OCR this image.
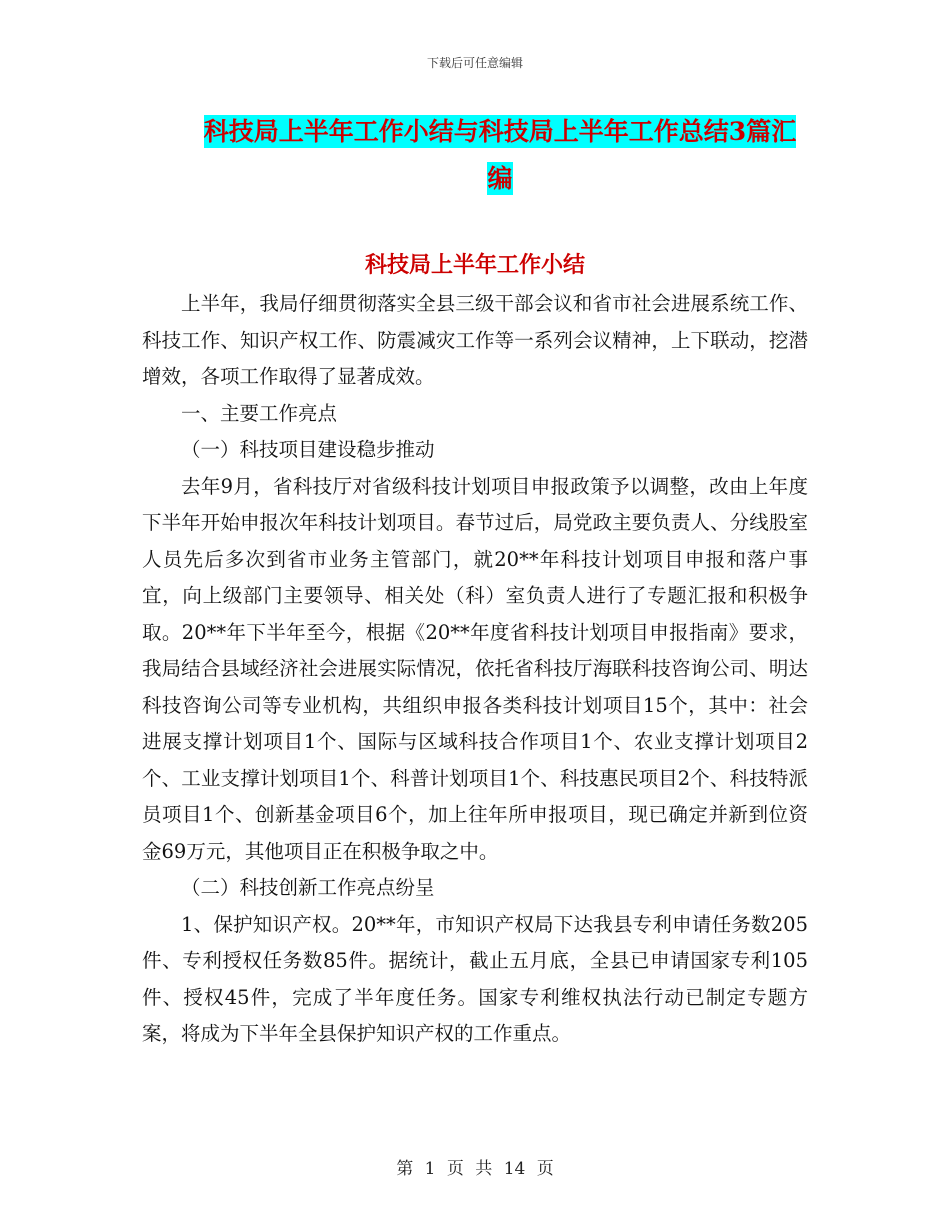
下载后可任意编辑
科技局上半年工作小结与科技局上半年工作总结3篇汇编
科技局上半年工作小结

上半年，我局仔细贯彻落实全县三级干部会议和省市社会进展系统工作、科技工作、知识产权工作、防震减灾工作等一系列会议精神，上下联动，挖潜增效，各项工作取得了显著成效。

一、主要工作亮点

（一）科技项目建设稳步推动

去年9月，省科技厅对省级科技计划项目申报政策予以调整，改由上年度下半年开始申报次年科技计划项目。春节过后，局党政主要负责人、分线股室人员先后多次到省市业务主管部门，就20**年科技计划项目申报和落户事宜，向上级部门主要领导、相关处（科）室负责人进行了专题汇报和积极争取。20**年下半年至今，根据《20**年度省科技计划项目申报指南》要求，我局结合县域经济社会进展实际情况，依托省科技厅海联科技咨询公司、明达科技咨询公司等专业机构，共组织申报各类科技计划项目15个，其中：社会进展支撑计划项目1个、国际与区域科技合作项目1个、农业支撑计划项目2个、工业支撑计划项目1个、科普计划项目1个、科技惠民项目2个、科技特派员项目1个、创新基金项目6个，加上往年所申报项目，现已确定并新到位资金69万元，其他项目正在积极争取之中。

（二）科技创新工作亮点纷呈

1、保护知识产权。20**年，市知识产权局下达我县专利申请任务数205件、专利授权任务数85件。据统计，截止五月底，全县已申请国家专利105件、授权45件，完成了半年度任务。国家专利维权执法行动已制定专题方案，将成为下半年全县保护知识产权的工作重点。

第 1 页 共 14 页
